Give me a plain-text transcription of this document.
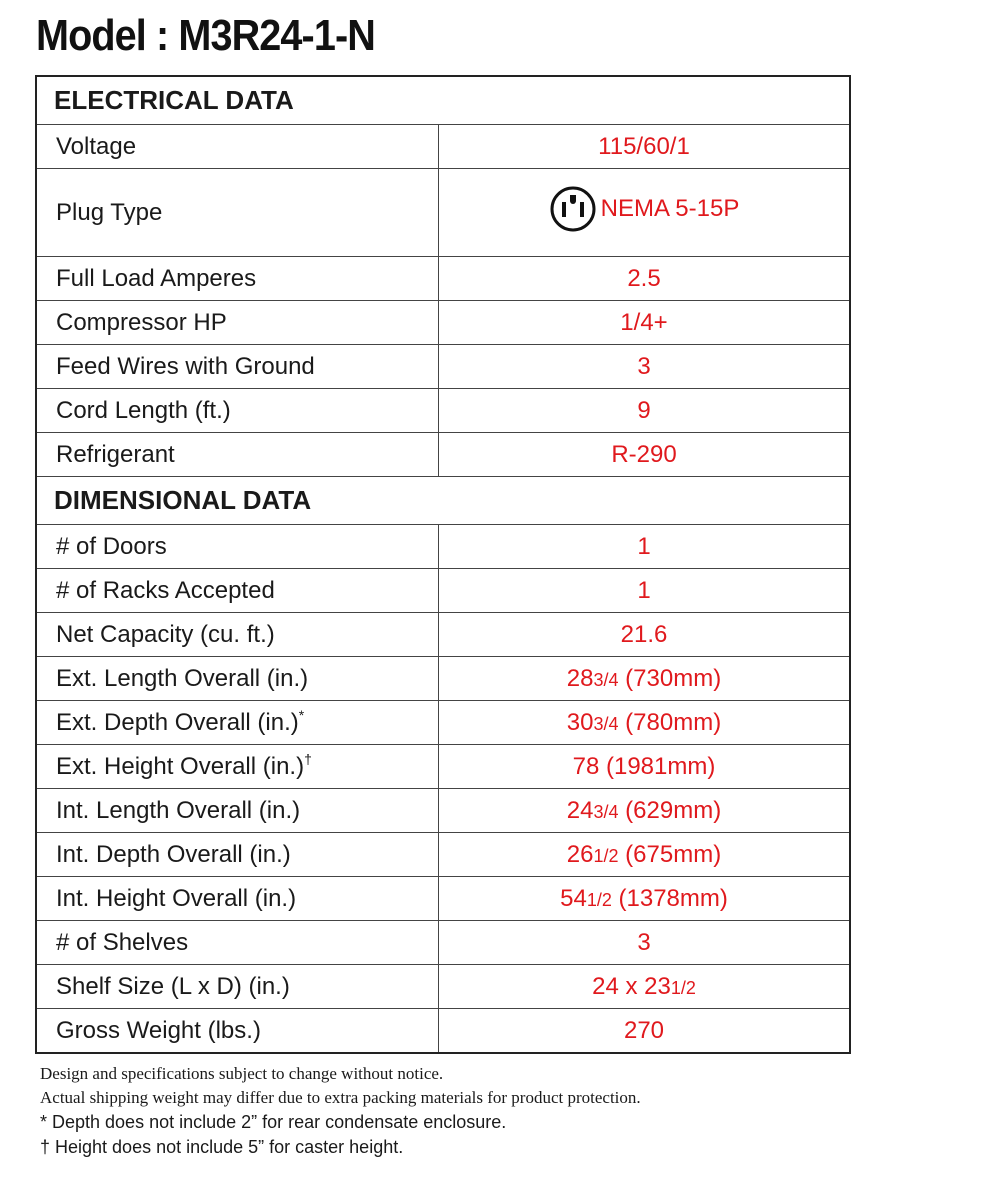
Model : M3R24-1-N
ELECTRICAL DATA	
Voltage	115/60/1
Plug Type	NEMA 5-15P

Full Load Amperes	2.5
Compressor HP	1/4+
Feed Wires with Ground	3
Cord Length (ft.)	9
Refrigerant	R-290
DIMENSIONAL DATA	
# of Doors	1
# of Racks Accepted	1
Net Capacity (cu. ft.)	21.6
Ext. Length Overall (in.)	283/4 (730mm)
Ext. Depth Overall (in.)*	303/4 (780mm)
Ext. Height Overall (in.)†	78 (1981mm)
Int. Length Overall (in.)	243/4 (629mm)
Int. Depth Overall (in.)	261/2 (675mm)
Int. Height Overall (in.)	541/2 (1378mm)
# of Shelves	3
Shelf Size (L x D) (in.)	24 x 231/2
Gross Weight (lbs.)	270
Design and specifications subject to change without notice.
Actual shipping weight may differ due to extra packing materials for product protection.
* Depth does not include 2” for rear condensate enclosure.
† Height does not include 5” for caster height.
